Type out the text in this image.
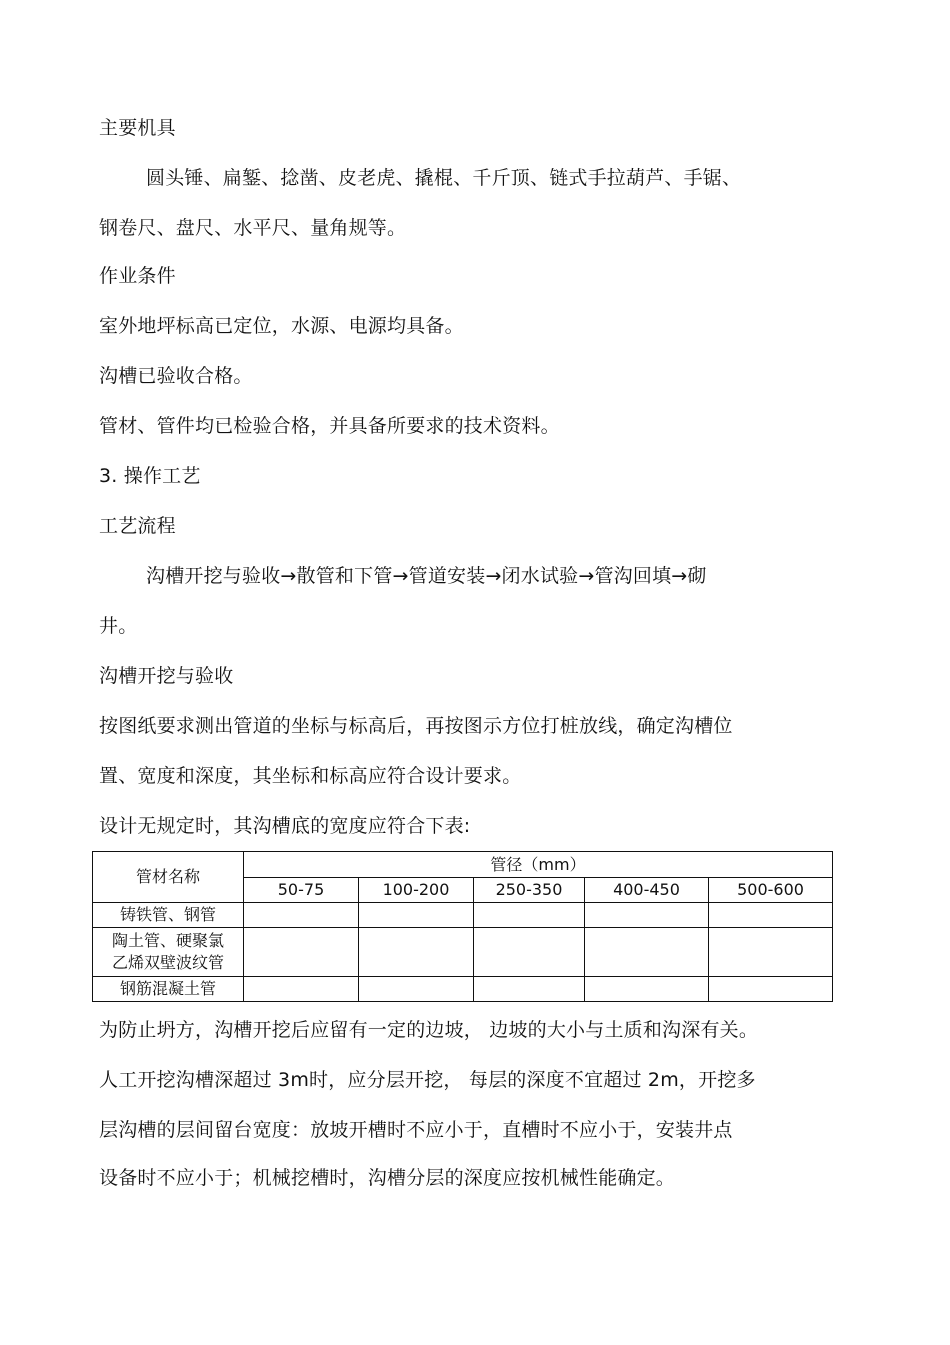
主要机具
圆头锤、扁錾、捻凿、皮老虎、撬棍、千斤顶、链式手拉葫芦、手锯、
钢卷尺、盘尺、水平尺、量角规等。
作业条件
室外地坪标高已定位，水源、电源均具备。
沟槽已验收合格。
管材、管件均已检验合格，并具备所要求的技术资料。
3. 操作工艺
工艺流程
沟槽开挖与验收→散管和下管→管道安装→闭水试验→管沟回填→砌
井。
沟槽开挖与验收
按图纸要求测出管道的坐标与标高后，再按图示方位打桩放线，确定沟槽位
置、宽度和深度，其坐标和标高应符合设计要求。
设计无规定时，其沟槽底的宽度应符合下表:
管材名称	管径（mm）				
	50-75	100-200	250-350	400-450	500-600
铸铁管、钢管					

陶土管、硬聚氯
乙烯双壁波纹管					

钢筋混凝土管					
为防止坍方，沟槽开挖后应留有一定的边坡， 边坡的大小与土质和沟深有关。
人工开挖沟槽深超过 3m时，应分层开挖， 每层的深度不宜超过 2m，开挖多
层沟槽的层间留台宽度：放坡开槽时不应小于，直槽时不应小于，安装井点
设备时不应小于；机械挖槽时，沟槽分层的深度应按机械性能确定。
